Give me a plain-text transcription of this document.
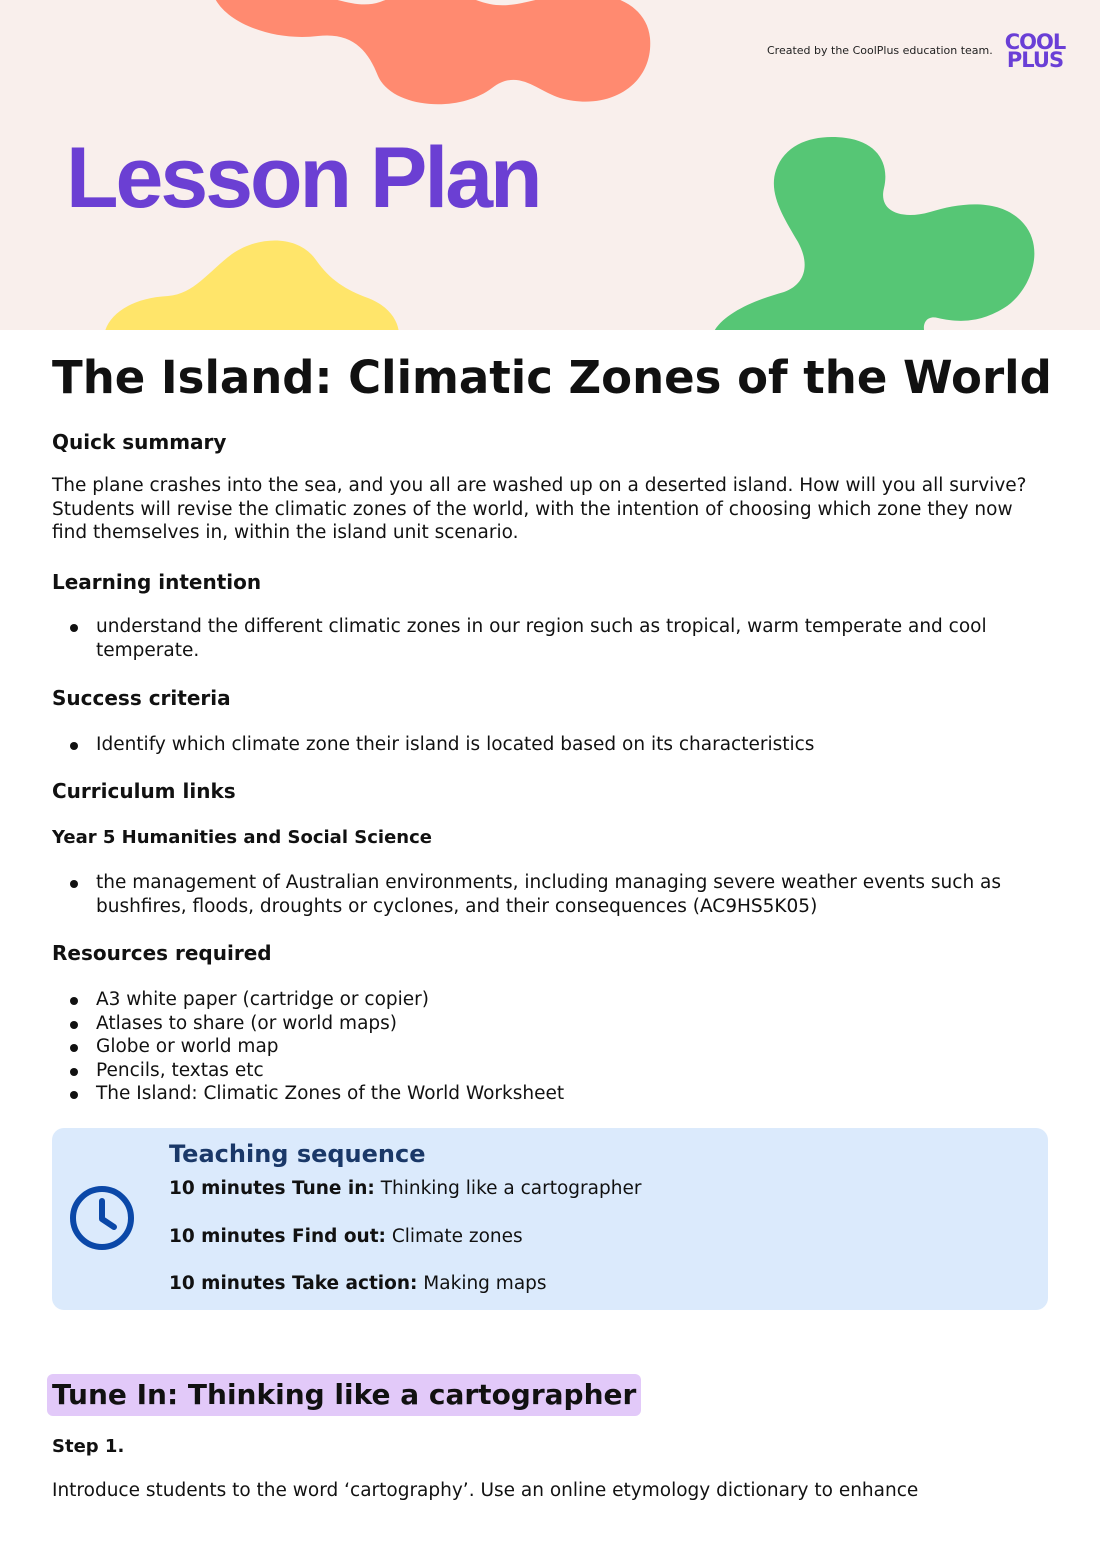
Created by the CoolPlus education team. COOL
PLUS
Lesson Plan
The Island: Climatic Zones of the World
Quick summary

The plane crashes into the sea, and you all are washed up on a deserted island. How will you all survive?

Students will revise the climatic zones of the world, with the intention of choosing which zone they now

find themselves in, within the island unit scenario.

Learning intention
understand the different climatic zones in our region such as tropical, warm temperate and cool
temperate.
Success criteria
Identify which climate zone their island is located based on its characteristics
Curriculum links
Year 5 Humanities and Social Science
the management of Australian environments, including managing severe weather events such as
bushfires, floods, droughts or cyclones, and their consequences (AC9HS5K05)
Resources required
A3 white paper (cartridge or copier)
Atlases to share (or world maps)
Globe or world map
Pencils, textas etc
The Island: Climatic Zones of the World Worksheet
Teaching sequence
10 minutes Tune in: Thinking like a cartographer
10 minutes Find out: Climate zones
10 minutes Take action: Making maps
Tune In: Thinking like a cartographer
Step 1.

Introduce students to the word ‘cartography’. Use an online etymology dictionary to enhance
